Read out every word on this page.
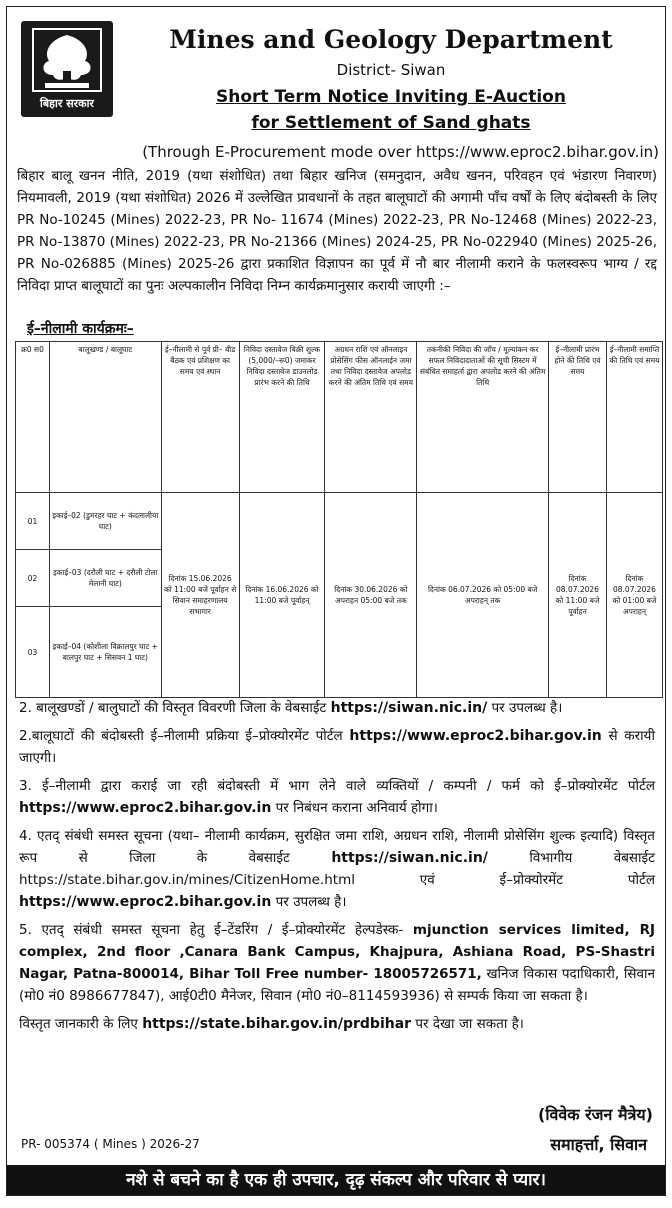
बिहार सरकार
Mines and Geology Department
District- Siwan
Short Term Notice Inviting E-Auction
for Settlement of Sand ghats
(Through E-Procurement mode over https://www.eproc2.bihar.gov.in)
बिहार बालू खनन नीति, 2019 (यथा संशोधित) तथा बिहार खनिज (समनुदान, अवैध खनन, परिवहन एवं भंडारण निवारण) नियमावली, 2019 (यथा संशोधित) 2026 में उल्लेखित प्रावधानों के तहत बालूघाटों की अगामी पाँच वर्षों के लिए बंदोबस्ती के लिए PR No-10245 (Mines) 2022-23, PR No- 11674 (Mines) 2022-23, PR No-12468 (Mines) 2022-23, PR No-13870 (Mines) 2022-23, PR No-21366 (Mines) 2024-25, PR No-022940 (Mines) 2025-26, PR No-026885 (Mines) 2025-26 द्वारा प्रकाशित विज्ञापन का पूर्व में नौ बार नीलामी कराने के फलस्वरूप भाग्य / रद्द निविदा प्राप्त बालूघाटों का पुनः अल्पकालीन निविदा निम्न कार्यक्रमानुसार करायी जाएगी :–
ई–नीलामी कार्यक्रमः–
क्र0 स0	बालूखण्ड / बालूघाट	ई–नीलामी से पूर्व प्री– बीड बैठक एवं प्रशिक्षण का समय एवं स्थान	निविदा दस्तावेज बिक्री शुल्क (5,000/–रू0) जमाकर निविदा दस्तावेज डाउनलोड प्रारंभ करने की तिथि	अग्रधन राशि एवं ऑनलाइन प्रोसेसिंग फीस ऑनलाईन जमा तथा निविदा दस्तावेज अपलोड करने की अंतिम तिथि एवं समय	तकनीकी निविदा की जाँच / मूल्यांकन कर सफल निविदादाताओं की सूची सिस्टम में संबंधित समाहर्ता द्वारा अपलोड करने की अंतिम तिथि	ई–नीलामी प्रारंभ होने की तिथि एवं समय	ई–नीलामी समाप्ति की तिथि एवं समय
01	इकाई–02 (डुमरहर घाट + कंदलालीया घाट)	दिनांक 15.06.2026 को 11:00 बजे पूर्वाहन से सिवान समाहरणालय सभागार	दिनांक 16.06.2026 को 11:00 बजे पूर्वाहन्	दिनांक 30.06.2026 को अपराहन 05:00 बजे तक	दिनांक 06.07.2026 को 05:00 बजे अपराहन् तक	दिनांक 08.07.2026 को 11:00 बजे पूर्वाहन	दिनांक 08.07.2026 को 01:00 बजे अपराहन्
02	इकाई–03 (दरौली घाट + दरौली टोला मेलानी घाट)						
03	इकाई–04 (कोशीला विक्रालपुर घाट + बालपुर घाट + सिसवन 1 घाट)						

2. बालूखण्डों / बालुघाटों की विस्तृत विवरणी जिला के वेबसाईट https://siwan.nic.in/ पर उपलब्ध है।

2.बालूघाटों की बंदोबस्ती ई–नीलामी प्रक्रिया ई–प्रोक्योरमेंट पोर्टल https://www.eproc2.bihar.gov.in से करायी जाएगी।

3. ई–नीलामी द्वारा कराई जा रही बंदोबस्ती में भाग लेने वाले व्यक्तियों / कम्पनी / फर्म को ई–प्रोक्योरमेंट पोर्टल https://www.eproc2.bihar.gov.in पर निबंधन कराना अनिवार्य होगा।

4. एतद् संबंधी समस्त सूचना (यथा– नीलामी कार्यक्रम, सुरक्षित जमा राशि, अग्रधन राशि, नीलामी प्रोसेसिंग शुल्क इत्यादि) विस्तृत रूप से जिला के वेबसाईट https://siwan.nic.in/ विभागीय वेबसाईट https://state.bihar.gov.in/mines/CitizenHome.html एवं ई–प्रोक्योरमेंट पोर्टल https://www.eproc2.bihar.gov.in पर उपलब्ध है।

5. एतद् संबंधी समस्त सूचना हेतु ई–टेंडरिंग / ई–प्रोक्योरमेंट हेल्पडेस्क- mjunction services limited, RJ complex, 2nd floor ,Canara Bank Campus, Khajpura, Ashiana Road, PS-Shastri Nagar, Patna-800014, Bihar Toll Free number- 18005726571, खनिज विकास पदाधिकारी, सिवान (मो0 नं0 8986677847), आई0टी0 मैनेजर, सिवान (मो0 नं0–8114593936) से सम्पर्क किया जा सकता है।

विस्तृत जानकारी के लिए https://state.bihar.gov.in/prdbihar पर देखा जा सकता है।

(विवेक रंजन मैत्रेय)
PR- 005374 ( Mines ) 2026-27	समाहर्त्ता, सिवान
नशे से बचने का है एक ही उपचार, दृढ़ संकल्प और परिवार से प्यार।
